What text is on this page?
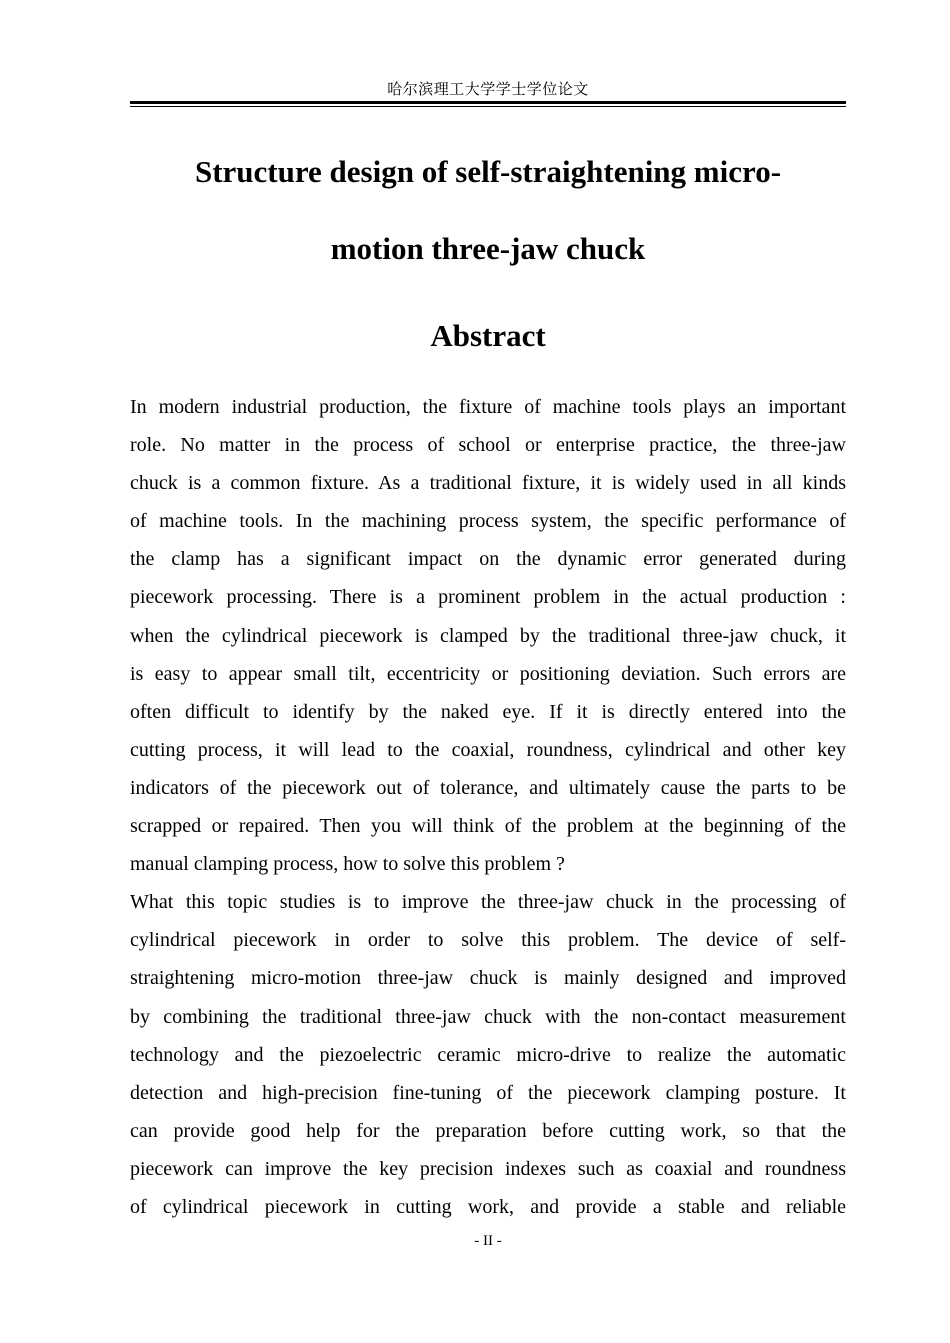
哈尔滨理工大学学士学位论文
Structure design of self-straightening micro-
motion three-jaw chuck
Abstract
In modern industrial production, the fixture of machine tools plays an important
role. No matter in the process of school or enterprise practice, the three-jaw
chuck is a common fixture. As a traditional fixture, it is widely used in all kinds
of machine tools. In the machining process system, the specific performance of
the clamp has a significant impact on the dynamic error generated during
piecework processing. There is a prominent problem in the actual production :
when the cylindrical piecework is clamped by the traditional three-jaw chuck, it
is easy to appear small tilt, eccentricity or positioning deviation. Such errors are
often difficult to identify by the naked eye. If it is directly entered into the
cutting process, it will lead to the coaxial, roundness, cylindrical and other key
indicators of the piecework out of tolerance, and ultimately cause the parts to be
scrapped or repaired. Then you will think of the problem at the beginning of the
manual clamping process, how to solve this problem ?
What this topic studies is to improve the three-jaw chuck in the processing of
cylindrical piecework in order to solve this problem. The device of self-
straightening micro-motion three-jaw chuck is mainly designed and improved
by combining the traditional three-jaw chuck with the non-contact measurement
technology and the piezoelectric ceramic micro-drive to realize the automatic
detection and high-precision fine-tuning of the piecework clamping posture. It
can provide good help for the preparation before cutting work, so that the
piecework can improve the key precision indexes such as coaxial and roundness
of cylindrical piecework in cutting work, and provide a stable and reliable
- II -
